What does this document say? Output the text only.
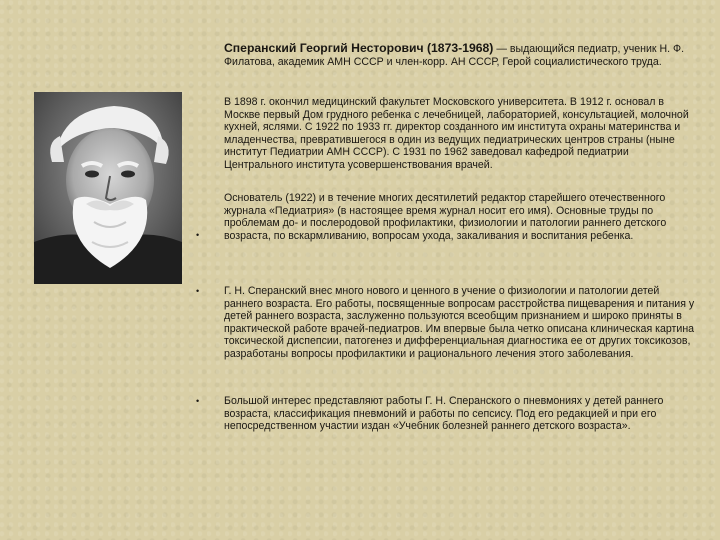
Сперанский Георгий Несторович (1873-1968) — выдающийся педиатр, ученик Н. Ф. Филатова, академик АМН СССР и член-корр. АН СССР, Герой социалистического труда.
В 1898 г. окончил медицинский факультет Московского университета. В 1912 г. основал в Москве первый Дом грудного ребенка с лечебницей, лабораторией, консультацией, молочной кухней, яслями. С 1922 по 1933 гг. директор созданного им института охраны материнства и младенчества, превратившегося в один из ведущих педиатрических центров страны (ныне институт Педиатрии АМН СССР). С 1931 по 1962 заведовал кафедрой педиатрии Центрального института усовершенствования врачей.
Основатель (1922) и в течение многих десятилетий редактор старейшего отечественного журнала «Педиатрия» (в настоящее время журнал носит его имя). Основные труды по проблемам до- и послеродовой профилактики, физиологии и патологии раннего детского возраста, по вскармливанию, вопросам ухода, закаливания и воспитания ребенка.
Г. Н. Сперанский внес много нового и ценного в учение о физиологии и патологии детей раннего возраста. Его работы, посвященные вопросам расстройства пищеварения и питания у детей раннего возраста, заслуженно пользуются всеобщим признанием и широко приняты в практической работе врачей-педиатров. Им впервые была четко описана клиническая картина токсической диспепсии, патогенез и дифференциальная диагностика ее от других токсикозов, разработаны вопросы профилактики и рационального лечения этого заболевания.
Большой интерес представляют работы Г. Н. Сперанского о пневмониях у детей раннего возраста, классификация пневмоний и работы по сепсису. Под его редакцией и при его непосредственном участии издан «Учебник болезней раннего детского возраста».
•
•
•
